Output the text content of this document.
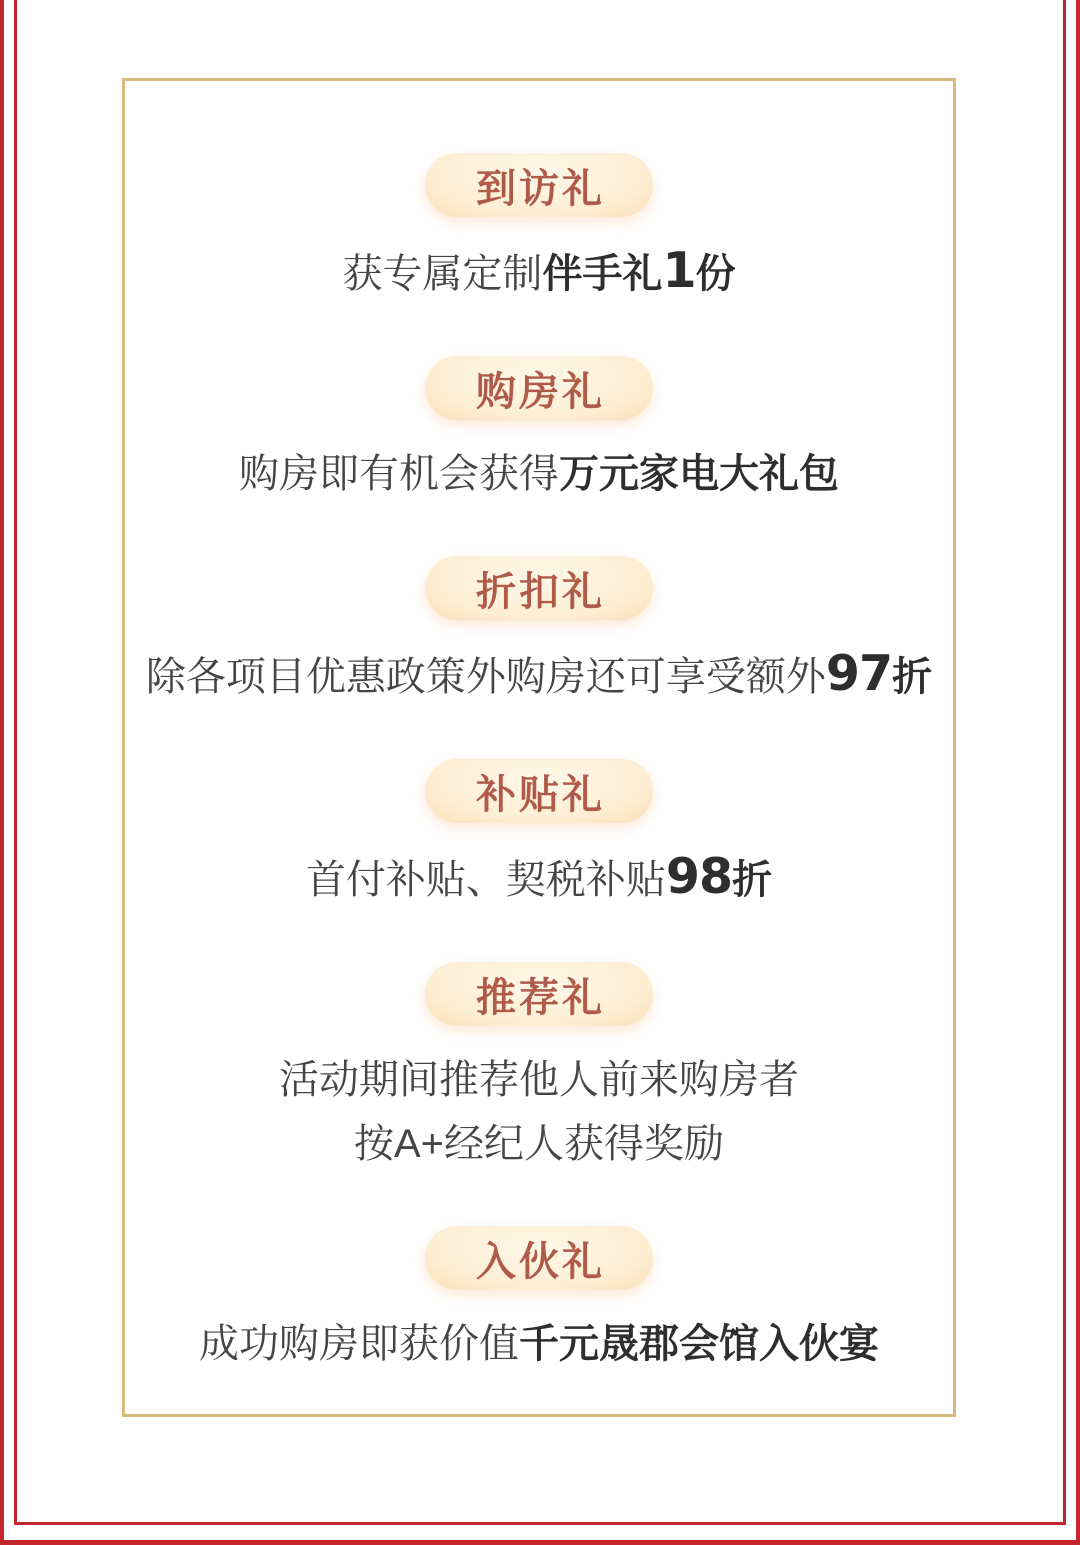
到访礼
获专属定制伴手礼1份
购房礼
购房即有机会获得万元家电大礼包
折扣礼
除各项目优惠政策外购房还可享受额外97折
补贴礼
首付补贴、契税补贴98折
推荐礼
活动期间推荐他人前来购房者
按A+经纪人获得奖励
入伙礼
成功购房即获价值千元晟郡会馆入伙宴
